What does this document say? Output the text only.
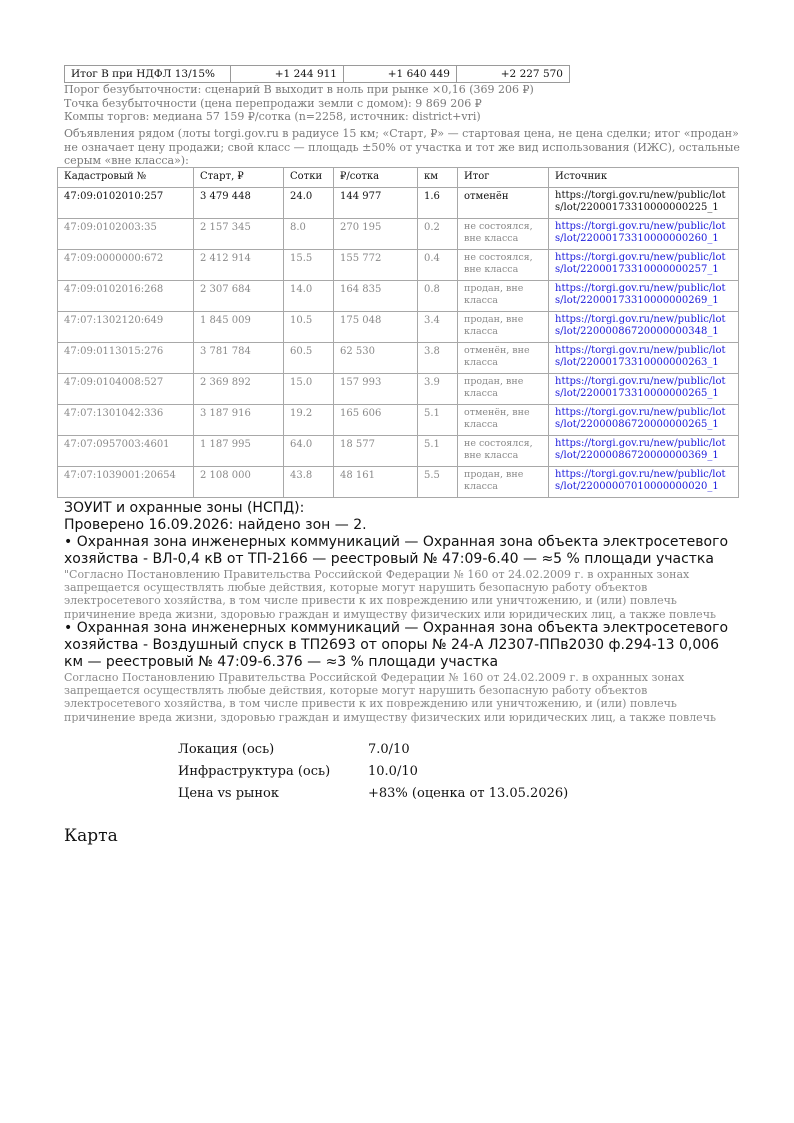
Итог B при НДФЛ 13/15%	+1 244 911	+1 640 449	+2 227 570
Порог безубыточности: сценарий B выходит в ноль при рынке ×0,16 (369 206 ₽)
Точка безубыточности (цена перепродажи земли с домом): 9 869 206 ₽
Компы торгов: медиана 57 159 ₽/сотка (n=2258, источник: district+vri)
Объявления рядом (лоты torgi.gov.ru в радиусе 15 км; «Старт, ₽» — стартовая цена, не цена сделки; итог «продан» не означает цену продажи; свой класс — площадь ±50% от участка и тот же вид использования (ИЖС), остальные серым «вне класса»):
Кадастровый №	Старт, ₽	Сотки	₽/сотка	км	Итог	Источник
47:09:0102010:257	3 479 448	24.0	144 977	1.6	отменён	https://torgi.gov.ru/new/public/lots/lot/22000173310000000225_1
47:09:0102003:35	2 157 345	8.0	270 195	0.2	не состоялся, вне класса	https://torgi.gov.ru/new/public/lots/lot/22000173310000000260_1
47:09:0000000:672	2 412 914	15.5	155 772	0.4	не состоялся, вне класса	https://torgi.gov.ru/new/public/lots/lot/22000173310000000257_1
47:09:0102016:268	2 307 684	14.0	164 835	0.8	продан, вне класса	https://torgi.gov.ru/new/public/lots/lot/22000173310000000269_1
47:07:1302120:649	1 845 009	10.5	175 048	3.4	продан, вне класса	https://torgi.gov.ru/new/public/lots/lot/22000086720000000348_1
47:09:0113015:276	3 781 784	60.5	62 530	3.8	отменён, вне класса	https://torgi.gov.ru/new/public/lots/lot/22000173310000000263_1
47:09:0104008:527	2 369 892	15.0	157 993	3.9	продан, вне класса	https://torgi.gov.ru/new/public/lots/lot/22000173310000000265_1
47:07:1301042:336	3 187 916	19.2	165 606	5.1	отменён, вне класса	https://torgi.gov.ru/new/public/lots/lot/22000086720000000265_1
47:07:0957003:4601	1 187 995	64.0	18 577	5.1	не состоялся, вне класса	https://torgi.gov.ru/new/public/lots/lot/22000086720000000369_1
47:07:1039001:20654	2 108 000	43.8	48 161	5.5	продан, вне класса	https://torgi.gov.ru/new/public/lots/lot/22000007010000000020_1
ЗОУИТ и охранные зоны (НСПД):
Проверено 16.09.2026: найдено зон — 2.
• Охранная зона инженерных коммуникаций — Охранная зона объекта электросетевого хозяйства - ВЛ-0,4 кВ от ТП-2166 — реестровый № 47:09-6.40 — ≈5 % площади участка
"Согласно Постановлению Правительства Российской Федерации № 160 от 24.02.2009 г. в охранных зонах запрещается осуществлять любые действия, которые могут нарушить безопасную работу объектов электросетевого хозяйства, в том числе привести к их повреждению или уничтожению, и (или) повлечь причинение вреда жизни, здоровью граждан и имуществу физических или юридических лиц, а также повлечь
• Охранная зона инженерных коммуникаций — Охранная зона объекта электросетевого хозяйства - Воздушный спуск в ТП2693 от опоры № 24-А Л2307-ППв2030 ф.294-13 0,006 км — реестровый № 47:09-6.376 — ≈3 % площади участка
Согласно Постановлению Правительства Российской Федерации № 160 от 24.02.2009 г. в охранных зонах запрещается осуществлять любые действия, которые могут нарушить безопасную работу объектов электросетевого хозяйства, в том числе привести к их повреждению или уничтожению, и (или) повлечь причинение вреда жизни, здоровью граждан и имуществу физических или юридических лиц, а также повлечь
Локация (ось)	7.0/10
Инфраструктура (ось)	10.0/10
Цена vs рынок	+83% (оценка от 13.05.2026)
Карта
